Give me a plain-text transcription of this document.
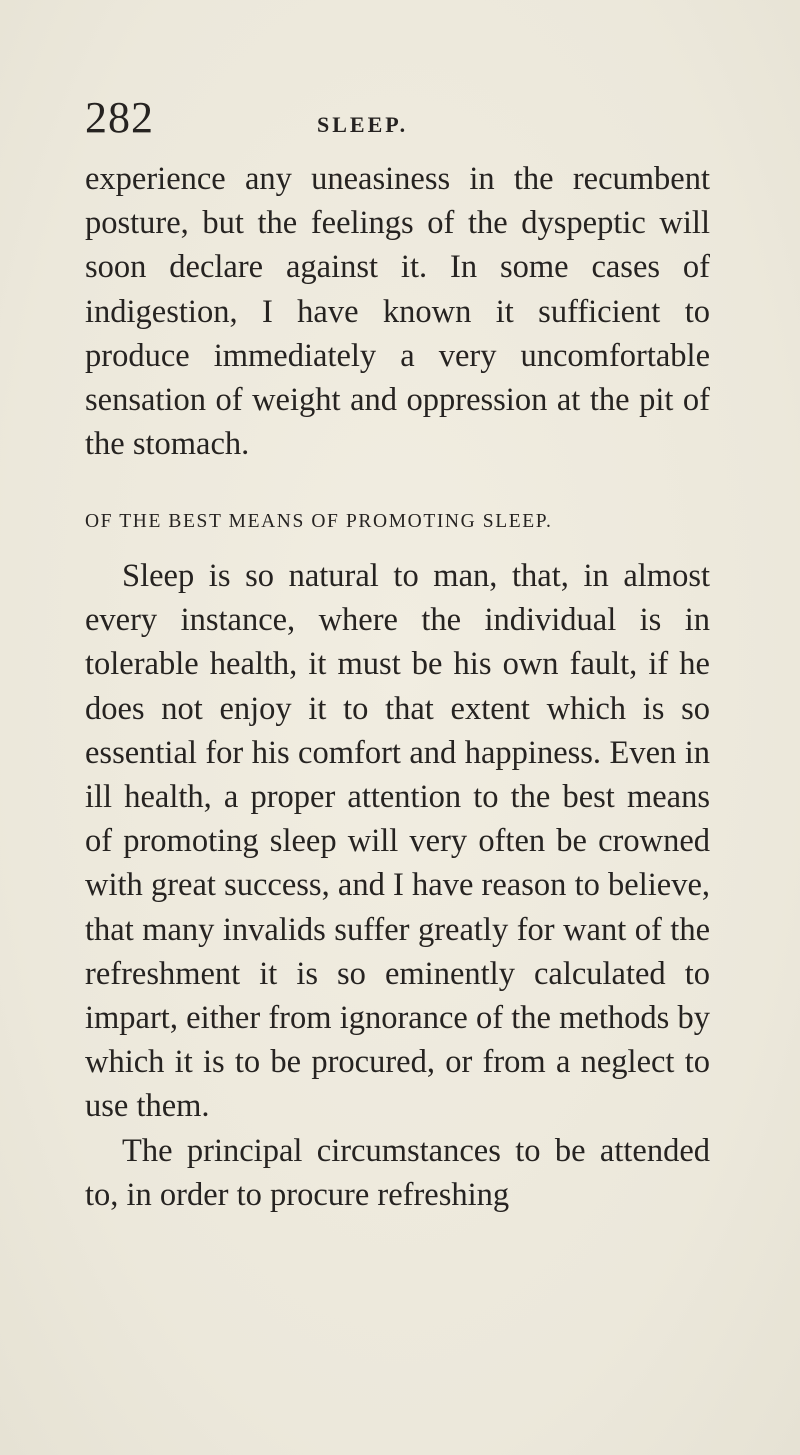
282	SLEEP.

experience any uneasiness in the recumbent posture, but the feelings of the dyspeptic will soon declare against it. In some cases of indigestion, I have known it sufficient to produce immediately a very uncomfortable sensation of weight and oppression at the pit of the stomach.

OF THE BEST MEANS OF PROMOTING SLEEP.

Sleep is so natural to man, that, in almost every instance, where the individual is in tolerable health, it must be his own fault, if he does not enjoy it to that extent which is so essential for his comfort and happiness. Even in ill health, a proper attention to the best means of promoting sleep will very often be crowned with great success, and I have reason to believe, that many invalids suffer greatly for want of the refreshment it is so eminently calculated to impart, either from ignorance of the methods by which it is to be procured, or from a neglect to use them.

The principal circumstances to be attended to, in order to procure refreshing
